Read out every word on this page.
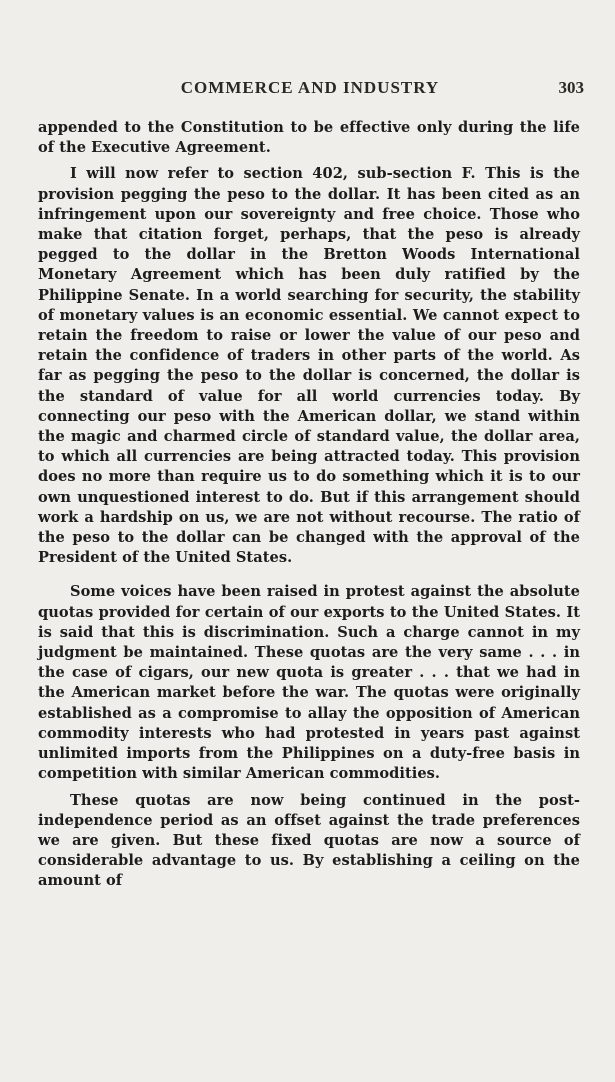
COMMERCE AND INDUSTRY	303

appended to the Constitution to be effective only during the life of the Executive Agreement.

I will now refer to section 402, sub-section F. This is the provision pegging the peso to the dollar. It has been cited as an infringement upon our sovereignty and free choice. Those who make that citation forget, perhaps, that the peso is already pegged to the dollar in the Bretton Woods International Monetary Agreement which has been duly ratified by the Philippine Senate. In a world searching for security, the stability of monetary values is an economic essential. We cannot expect to retain the freedom to raise or lower the value of our peso and retain the confidence of traders in other parts of the world. As far as pegging the peso to the dollar is concerned, the dollar is the standard of value for all world currencies today. By connecting our peso with the American dollar, we stand within the magic and charmed circle of standard value, the dollar area, to which all currencies are being attracted today. This provision does no more than require us to do something which it is to our own unquestioned interest to do. But if this arrangement should work a hardship on us, we are not without recourse. The ratio of the peso to the dollar can be changed with the approval of the President of the United States.

Some voices have been raised in protest against the absolute quotas provided for certain of our exports to the United States. It is said that this is discrimination. Such a charge cannot in my judgment be maintained. These quotas are the very same . . . in the case of cigars, our new quota is greater . . . that we had in the American market before the war. The quotas were originally established as a compromise to allay the opposition of American commodity interests who had protested in years past against unlimited imports from the Philippines on a duty-free basis in competition with similar American commodities.

These quotas are now being continued in the post-independence period as an offset against the trade preferences we are given. But these fixed quotas are now a source of considerable advantage to us. By establishing a ceiling on the amount of
